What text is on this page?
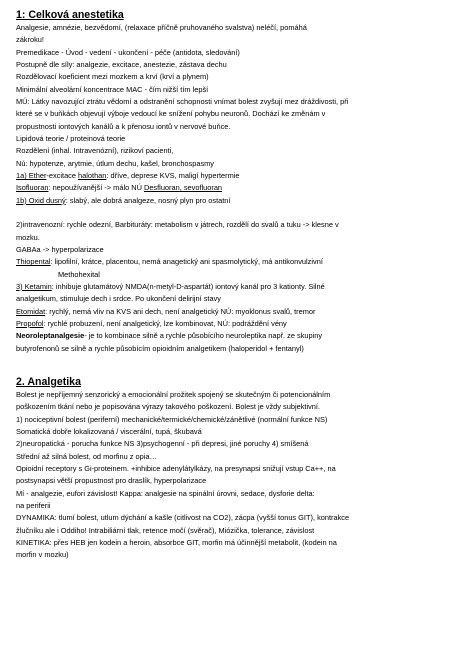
1: Celková anestetika

Analgesie, amnézie, bezvědomí, (relaxace příčně pruhovaného svalstva) neléčí, pomáhá

zákroku!

Premedikace - Úvod - vedení - ukončení - péče (antidota, sledování)

Postupně dle síly: analgezie, excitace, anestezie, zástava dechu

Rozdělovací koeficient mezi mozkem a krví (krví a plynem)

Minimální alveolární koncentrace MAC - čím nižší tím lepší

MÚ: Látky navozující ztrátu vědomí a odstranění schopnosti vnímat bolest zvyšují mez dráždivosti, při

které se v buňkách objevují výboje vedoucí ke snížení pohybu neuronů. Dochází ke změnám v

propustnosti iontových kanálů a k přenosu iontů v nervové buňce.

Lipidová teorie / proteinová teorie

Rozdělení (inhal. Intravenózní), rizikoví pacienti,

Nú: hypotenze, arytmie, útlum dechu, kašel, bronchospasmy

1a) Ether-excitace halothan: dříve, deprese KVS, maligí hypertermie

Isofluoran: nepoužívanější -> málo NÚ Desfluoran, sevofluoran

1b) Oxid dusný: slabý, ale dobrá analgeze, nosný plyn pro ostatní

2)intravenozní: rychle odezní, Barbituráty: metabolism v játrech, rozdělí do svalů a tuku -> klesne v

mozku.

GABAa -> hyperpolarizace

Thiopental: lipofilní, krátce, placentou, nemá anagetický ani spasmolytický, má antikonvulzivní

Methohexital

3) Ketamin: inhibuje glutamátový NMDA(n-metyl-D-aspartát) iontový kanál pro 3 kationty. Silné

analgetikum, stimuluje dech i srdce. Po ukončení delirijní stavy

Etomidat: rychlý, nemá vliv na KVS ani dech, není analgetický NÚ: myoklonus svalů, tremor

Propofol: rychlé probuzení, není analgetický, lze kombinovat, NÚ: podráždění vény

Neoroleptanalgesie- je to kombinace silně a rychle působícího neuroleptika např. ze skupiny

butyrofenonů se silně a rychle působícím opioidním analgetikem (haloperidol + fentanyl)

2. Analgetika

Bolest je nepříjemný senzorický a emocionální prožitek spojený se skutečným či potencionálním

poškozením tkání nebo je popisována výrazy takového poškození. Bolest je vždy subjektivní.

1) nociceptivní bolest (periferní) mechanické/termické/chemické/zánětlivé (normální funkce NS)

Somatická dobře lokalizovaná / viscerální, tupá, škubavá

2)neuropatická - porucha funkce NS 3)psychogenní - při depresi, jiné poruchy 4) smíšená

Střední až silná bolest, od morfinu z opia…

Opioidní receptory s Gi-proteinem. +inhibice adenylátylkázy, na presynapsi snižují vstup Ca++, na

postsynapsi větší propustnost pro draslík, hyperpolarizace

Mí - analgezie, eufori závislost! Kappa: analgesie na spinální úrovni, sedace, dysforie delta:

na periferii

DYNAMIKA: tlumí bolest, utlum dýchání a kašle (citlivost na CO2), zácpa (vyšší tonus GIT), kontrakce

žlučníku ale i Oddiho! Intrabiliární tlak, retence močí (svěrač), Miózička, tolerance, závislost

KINETIKA: přes HEB jen kodein a heroin, absorbce GIT, morfin má účinnější metabolit, (kodein na

morfin v mozku)
